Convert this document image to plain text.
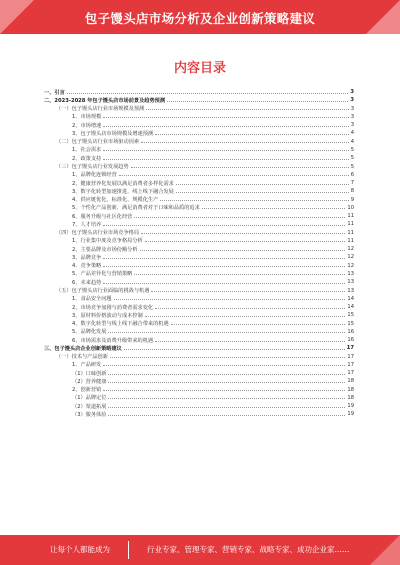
包子馒头店市场分析及企业创新策略建议
内容目录
一、引言	3
二、2023-2028 年包子馒头店市场前景及趋势预测	3
（一）包子馒头店行业市场规模及预测	3
1、市场规模	3
2、市场增速	3
3、包子馒头店市场规模及增速预测	4
（二）包子馒头店行业市场驱动因素	4
1、社会需求	5
2、政策支持	5
（三）包子馒头店行业发展趋势	5
1、品牌化连锁经营	6
2、健康营养化发展以满足消费者多样化需求	7
3、数字化转型加速推进，线上线下融合发展	8
4、供应链优化，标准化、规模化生产	9
5、个性化产品创新，满足消费者对于口味和品质的追求	10
6、服务升级与社区化经营	11
7、人才培养	11
（四）包子馒头店行业市场竞争格局	11
1、行业集中度及竞争格局分析	11
2、主要品牌及市场份额分析	12
3、品牌竞争	12
4、竞争策略	12
5、产品差异化与营销策略	13
6、未来趋势	13
（五）包子馒头店行业面临的挑战与机遇	13
1、食品安全问题	14
2、市场竞争加剧与消费者需求变化	14
3、原材料价格波动与成本控制	15
4、数字化转型与线上线下融合带来的机遇	15
5、品牌化发展	16
6、市场需求及消费升级带来的机遇	16
三、包子馒头店企业创新策略建议	17
（一）技术与产品创新	17
1、产品研发	17
（1）口味创新	17
（2）营养健康	18
2、创新营销	18
（1）品牌定位	18
（2）渠道拓展	19
（3）服务体验	19
让每个人都能成为	行业专家、管理专家、营销专家、战略专家、成功企业家……
